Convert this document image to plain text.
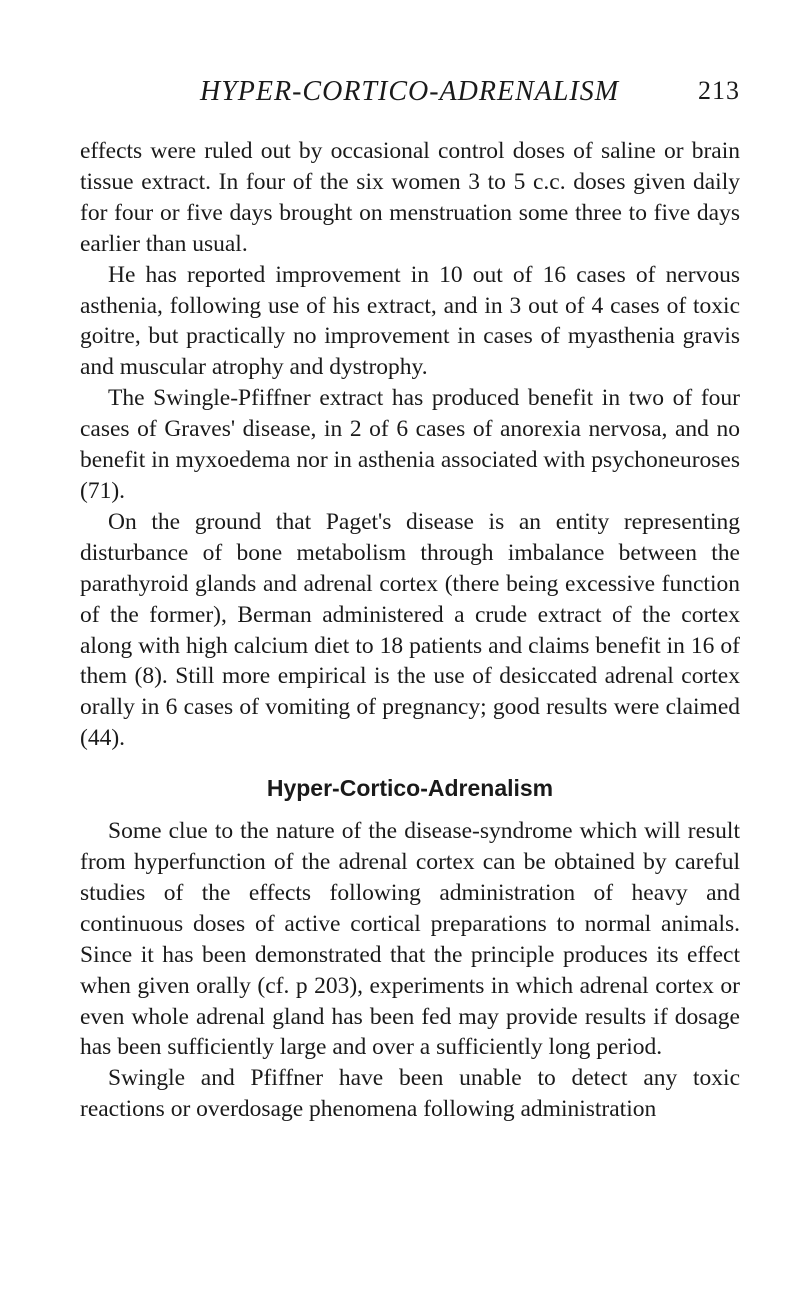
HYPER-CORTICO-ADRENALISM	213

effects were ruled out by occasional control doses of saline or brain tissue extract. In four of the six women 3 to 5 c.c. doses given daily for four or five days brought on menstruation some three to five days earlier than usual.

He has reported improvement in 10 out of 16 cases of nervous asthenia, following use of his extract, and in 3 out of 4 cases of toxic goitre, but practically no improvement in cases of myasthenia gravis and muscular atrophy and dystrophy.

The Swingle-Pfiffner extract has produced benefit in two of four cases of Graves' disease, in 2 of 6 cases of anorexia nervosa, and no benefit in myxoedema nor in asthenia associated with psychoneuroses (71).

On the ground that Paget's disease is an entity representing disturbance of bone metabolism through imbalance between the parathyroid glands and adrenal cortex (there being excessive function of the former), Berman administered a crude extract of the cortex along with high calcium diet to 18 patients and claims benefit in 16 of them (8). Still more empirical is the use of desiccated adrenal cortex orally in 6 cases of vomiting of pregnancy; good results were claimed (44).

Hyper-Cortico-Adrenalism

Some clue to the nature of the disease-syndrome which will result from hyperfunction of the adrenal cortex can be obtained by careful studies of the effects following administration of heavy and continuous doses of active cortical preparations to normal animals. Since it has been demonstrated that the principle produces its effect when given orally (cf. p 203), experiments in which adrenal cortex or even whole adrenal gland has been fed may provide results if dosage has been sufficiently large and over a sufficiently long period.

Swingle and Pfiffner have been unable to detect any toxic reactions or overdosage phenomena following administration
